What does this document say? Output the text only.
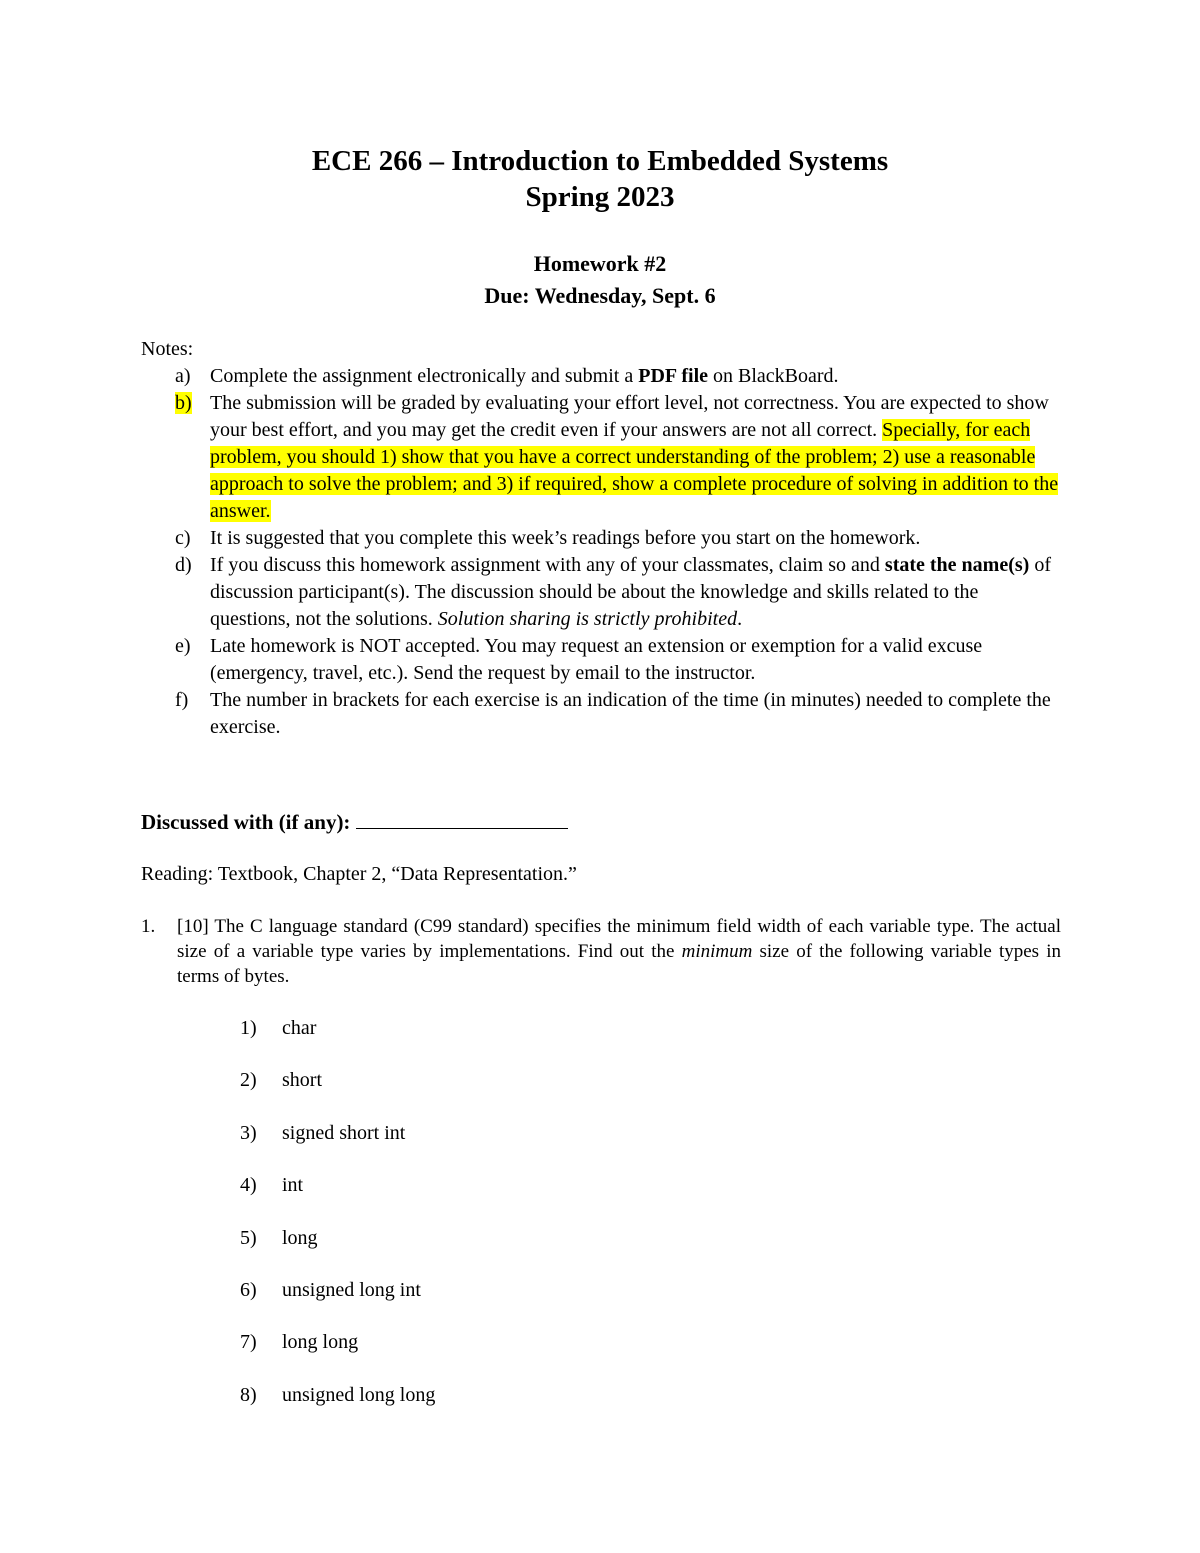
ECE 266 – Introduction to Embedded Systems
Spring 2023
Homework #2
Due: Wednesday, Sept. 6
Notes:
a) Complete the assignment electronically and submit a PDF file on BlackBoard.
b) The submission will be graded by evaluating your effort level, not correctness. You are expected to show your best effort, and you may get the credit even if your answers are not all correct. Specially, for each problem, you should 1) show that you have a correct understanding of the problem; 2) use a reasonable approach to solve the problem; and 3) if required, show a complete procedure of solving in addition to the answer.
c) It is suggested that you complete this week’s readings before you start on the homework.
d) If you discuss this homework assignment with any of your classmates, claim so and state the name(s) of discussion participant(s). The discussion should be about the knowledge and skills related to the questions, not the solutions. Solution sharing is strictly prohibited.
e) Late homework is NOT accepted. You may request an extension or exemption for a valid excuse (emergency, travel, etc.). Send the request by email to the instructor.
f)	The number in brackets for each exercise is an indication of the time (in minutes) needed to complete the exercise.
Discussed with (if any):
Reading: Textbook, Chapter 2, “Data Representation.”
1.	[10] The C language standard (C99 standard) specifies the minimum field width of each variable type. The actual size of a variable type varies by implementations. Find out the minimum size of the following variable types in terms of bytes.
1)	char
2)	short
3)	signed short int
4)	int
5)	long
6)	unsigned long int
7)	long long
8)	unsigned long long
